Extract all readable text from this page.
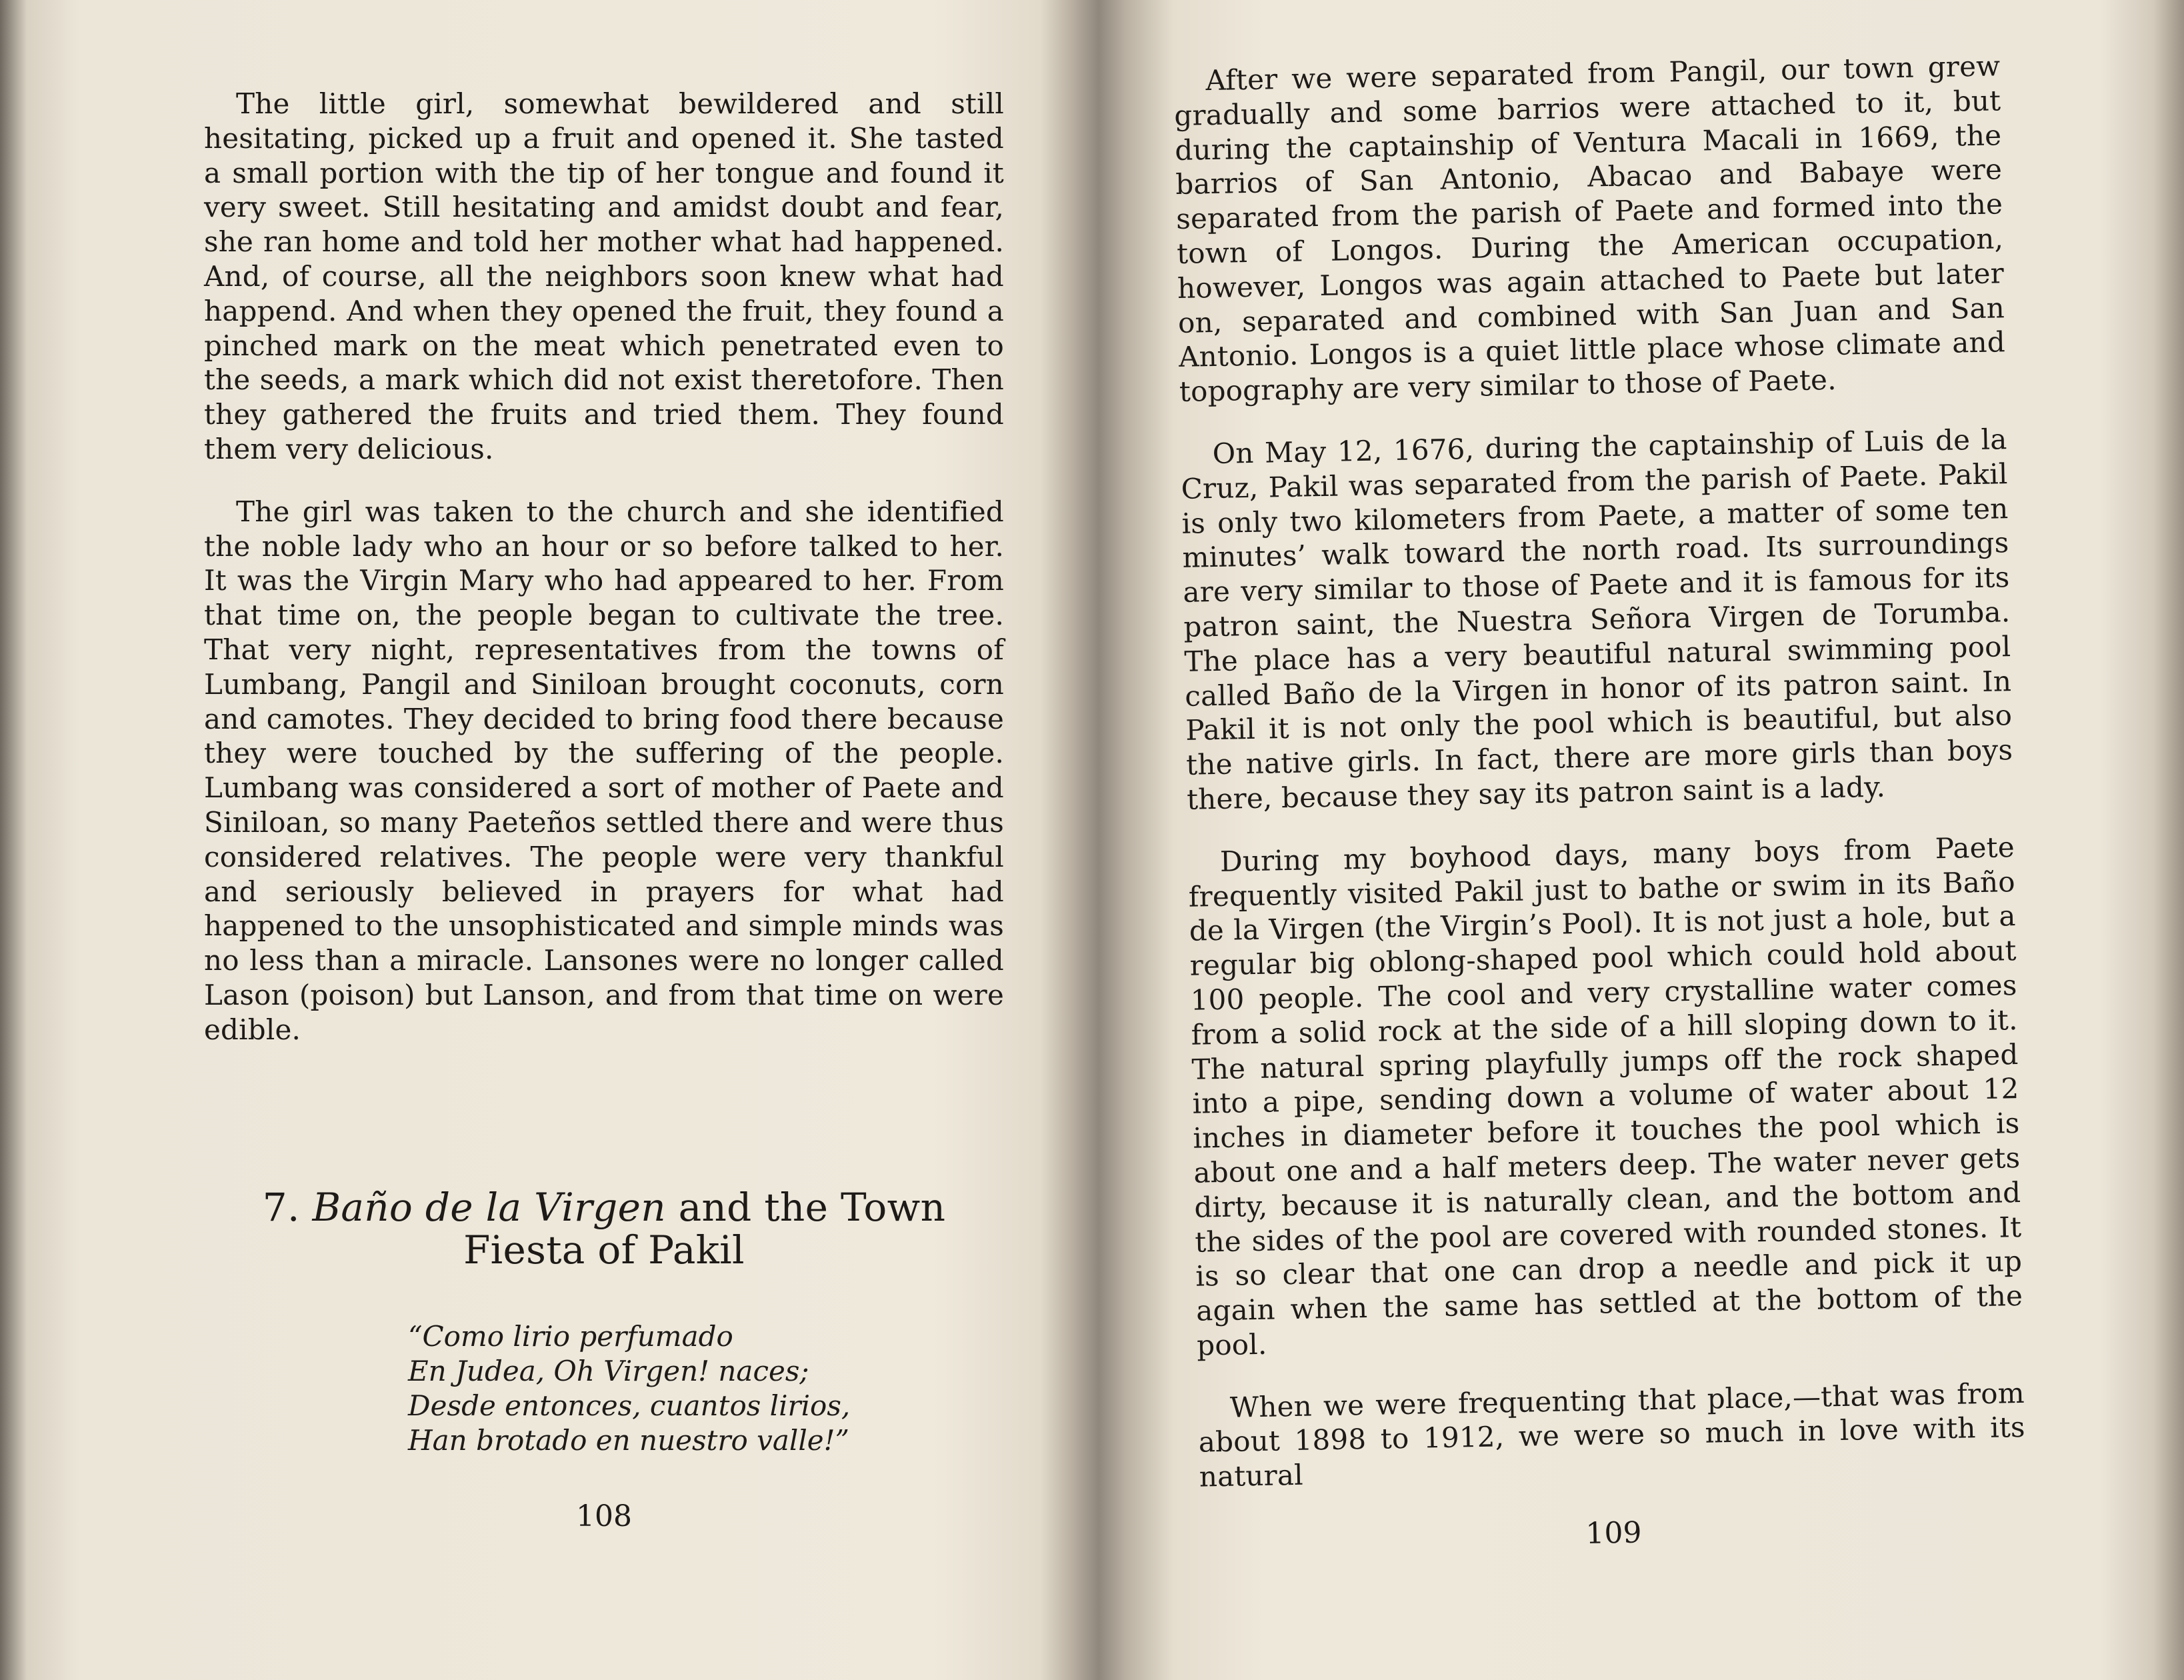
The little girl, somewhat bewildered and still hesitating, picked up a fruit and opened it. She tasted a small portion with the tip of her tongue and found it very sweet. Still hesitating and amidst doubt and fear, she ran home and told her mother what had happened. And, of course, all the neighbors soon knew what had happend. And when they opened the fruit, they found a pinched mark on the meat which penetrated even to the seeds, a mark which did not exist theretofore. Then they gathered the fruits and tried them. They found them very delicious.

The girl was taken to the church and she identified the noble lady who an hour or so before talked to her. It was the Virgin Mary who had appeared to her. From that time on, the people began to cultivate the tree. That very night, representatives from the towns of Lumbang, Pangil and Siniloan brought coconuts, corn and camotes. They decided to bring food there because they were touched by the suffering of the people. Lumbang was considered a sort of mother of Paete and Siniloan, so many Paeteños settled there and were thus considered relatives. The people were very thankful and seriously believed in prayers for what had happened to the unsophisticated and simple minds was no less than a miracle. Lansones were no longer called Lason (poison) but Lanson, and from that time on were edible.

7. Baño de la Virgen and the Town Fiesta of Pakil
“Como lirio perfumado
En Judea, Oh Virgen! naces;
Desde entonces, cuantos lirios,
Han brotado en nuestro valle!”
108

After we were separated from Pangil, our town grew gradually and some barrios were attached to it, but during the captainship of Ventura Macali in 1669, the barrios of San Antonio, Abacao and Babaye were separated from the parish of Paete and formed into the town of Longos. During the American occupation, however, Longos was again attached to Paete but later on, separated and combined with San Juan and San Antonio. Longos is a quiet little place whose climate and topography are very similar to those of Paete.

On May 12, 1676, during the captainship of Luis de la Cruz, Pakil was separated from the parish of Paete. Pakil is only two kilometers from Paete, a matter of some ten minutes’ walk toward the north road. Its surroundings are very similar to those of Paete and it is famous for its patron saint, the Nuestra Señora Virgen de Torumba. The place has a very beautiful natural swimming pool called Baño de la Virgen in honor of its patron saint. In Pakil it is not only the pool which is beautiful, but also the native girls. In fact, there are more girls than boys there, because they say its patron saint is a lady.

During my boyhood days, many boys from Paete frequently visited Pakil just to bathe or swim in its Baño de la Virgen (the Virgin’s Pool). It is not just a hole, but a regular big oblong-shaped pool which could hold about 100 people. The cool and very crystalline water comes from a solid rock at the side of a hill sloping down to it. The natural spring playfully jumps off the rock shaped into a pipe, sending down a volume of water about 12 inches in diameter before it touches the pool which is about one and a half meters deep. The water never gets dirty, because it is naturally clean, and the bottom and the sides of the pool are covered with rounded stones. It is so clear that one can drop a needle and pick it up again when the same has settled at the bottom of the pool.

When we were frequenting that place,—that was from about 1898 to 1912, we were so much in love with its natural

109
